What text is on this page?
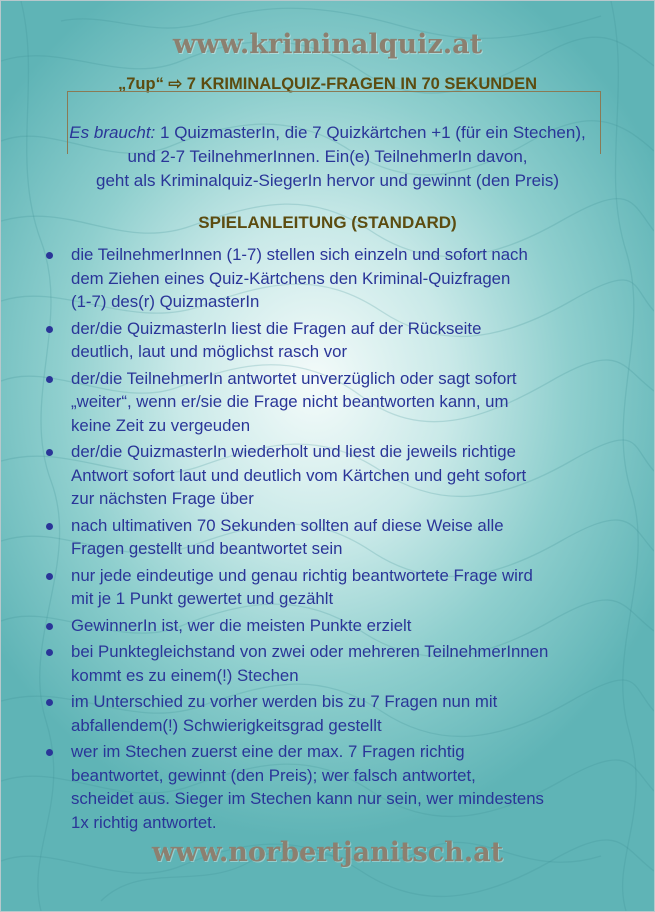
www.kriminalquiz.at
„7up“ ⇨ 7 KRIMINALQUIZ-FRAGEN IN 70 SEKUNDEN
Es braucht: 1 QuizmasterIn, die 7 Quizkärtchen +1 (für ein Stechen),
und 2-7 TeilnehmerInnen. Ein(e) TeilnehmerIn davon,
geht als Kriminalquiz-SiegerIn hervor und gewinnt (den Preis)
SPIELANLEITUNG (STANDARD)
die TeilnehmerInnen (1-7) stellen sich einzeln und sofort nach
dem Ziehen eines Quiz-Kärtchens den Kriminal-Quizfragen
(1-7) des(r) QuizmasterIn
der/die QuizmasterIn liest die Fragen auf der Rückseite
deutlich, laut und möglichst rasch vor
der/die TeilnehmerIn antwortet unverzüglich oder sagt sofort
„weiter“, wenn er/sie die Frage nicht beantworten kann, um
keine Zeit zu vergeuden
der/die QuizmasterIn wiederholt und liest die jeweils richtige
Antwort sofort laut und deutlich vom Kärtchen und geht sofort
zur nächsten Frage über
nach ultimativen 70 Sekunden sollten auf diese Weise alle
Fragen gestellt und beantwortet sein
nur jede eindeutige und genau richtig beantwortete Frage wird
mit je 1 Punkt gewertet und gezählt
GewinnerIn ist, wer die meisten Punkte erzielt
bei Punktegleichstand von zwei oder mehreren TeilnehmerInnen
kommt es zu einem(!) Stechen
im Unterschied zu vorher werden bis zu 7 Fragen nun mit
abfallendem(!) Schwierigkeitsgrad gestellt
wer im Stechen zuerst eine der max. 7 Fragen richtig
beantwortet, gewinnt (den Preis); wer falsch antwortet,
scheidet aus. Sieger im Stechen kann nur sein, wer mindestens
1x richtig antwortet.
www.norbertjanitsch.at
